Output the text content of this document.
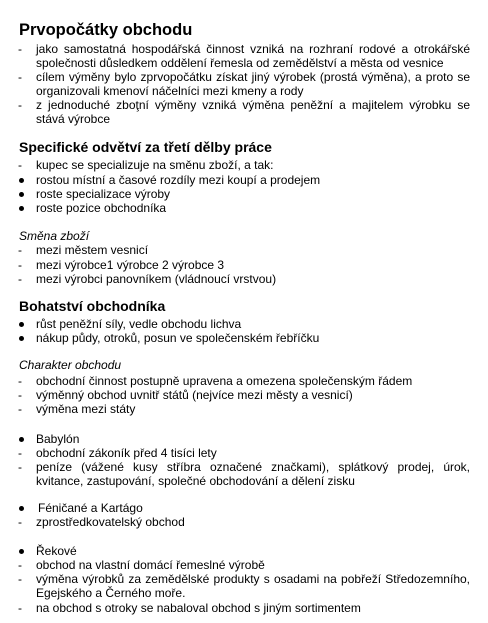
Prvopočátky obchodu
-	jako samostatná hospodářská činnost vzniká na rozhraní rodové a otrokářské
společnosti důsledkem oddělení řemesla od zemědělství a města od vesnice
-	cílem výměny bylo zprvopočátku získat jiný výrobek (prostá výměna), a proto se
organizovali kmenoví náčelníci mezi kmeny a rody
-	z jednoduché zboţní výměny vzniká výměna peněžní a majitelem výrobku se
stává výrobce
Specifické odvětví za třetí dělby práce
-	kupec se specializuje na směnu zboží, a tak:
rostou místní a časové rozdíly mezi koupí a prodejem
roste specializace výroby
roste pozice obchodníka
Směna zboží
-	mezi městem vesnicí
-	mezi výrobce1 výrobce 2 výrobce 3
-	mezi výrobci panovníkem (vládnoucí vrstvou)
Bohatství obchodníka
růst peněžní síly, vedle obchodu lichva
nákup půdy, otroků, posun ve společenském řebříčku
Charakter obchodu
-	obchodní činnost postupně upravena a omezena společenským řádem
-	výměnný obchod uvnitř států (nejvíce mezi městy a vesnicí)
-	výměna mezi státy
Babylón
-	obchodní zákoník před 4 tisíci lety
-	peníze (vážené kusy stříbra označené značkami), splátkový prodej, úrok,
kvitance, zastupování, společné obchodování a dělení zisku
Féničané a Kartágo
-	zprostředkovatelský obchod
Řekové
-	obchod na vlastní domácí řemeslné výrobě
-	výměna výrobků za zemědělské produkty s osadami na pobřeží Středozemního,
Egejského a Černého moře.
-	na obchod s otroky se nabaloval obchod s jiným sortimentem
